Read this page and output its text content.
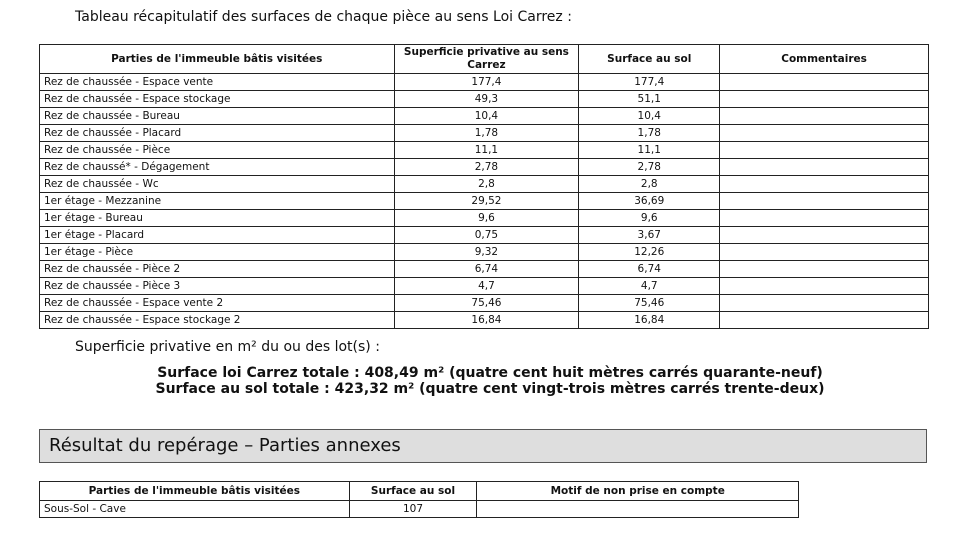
Tableau récapitulatif des surfaces de chaque pièce au sens Loi Carrez :
Parties de l'immeuble bâtis visitées	Superficie privative au sens Carrez	Surface au sol	Commentaires
Rez de chaussée - Espace vente	177,4	177,4	
Rez de chaussée - Espace stockage	49,3	51,1	
Rez de chaussée - Bureau	10,4	10,4	
Rez de chaussée - Placard	1,78	1,78	
Rez de chaussée - Pièce	11,1	11,1	
Rez de chaussé* - Dégagement	2,78	2,78	
Rez de chaussée - Wc	2,8	2,8	
1er étage - Mezzanine	29,52	36,69	
1er étage - Bureau	9,6	9,6	
1er étage - Placard	0,75	3,67	
1er étage - Pièce	9,32	12,26	
Rez de chaussée - Pièce 2	6,74	6,74	
Rez de chaussée - Pièce 3	4,7	4,7	
Rez de chaussée - Espace vente 2	75,46	75,46	
Rez de chaussée - Espace stockage 2	16,84	16,84	
Superficie privative en m² du ou des lot(s) :
Surface loi Carrez totale : 408,49 m² (quatre cent huit mètres carrés quarante-neuf)
Surface au sol totale : 423,32 m² (quatre cent vingt-trois mètres carrés trente-deux)
Résultat du repérage – Parties annexes
Parties de l'immeuble bâtis visitées	Surface au sol	Motif de non prise en compte
Sous-Sol - Cave	107	
